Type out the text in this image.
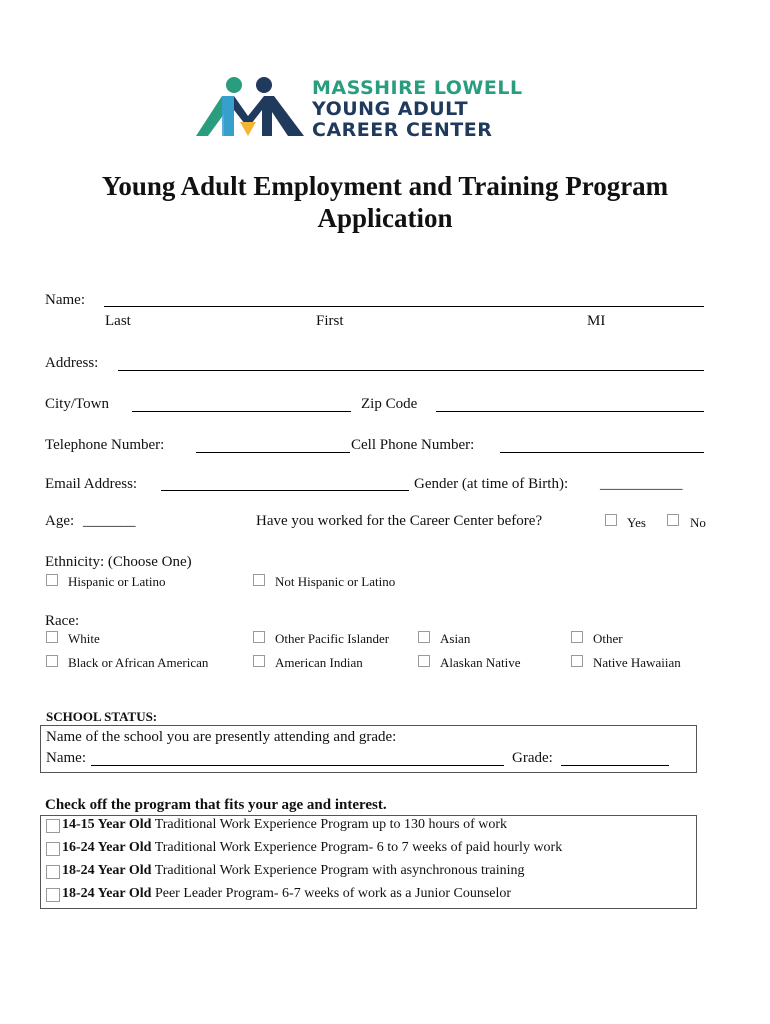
MASSHIRE LOWELL
YOUNG ADULT
CAREER CENTER
Young Adult Employment and Training Program
Application
Name:
Last	First	MI
Address:
City/Town	Zip Code
Telephone Number:	Cell Phone Number:
Email Address:	Gender (at time of Birth): ___________
Age: _______	Have you worked for the Career Center before?	Yes	No
Ethnicity: (Choose One)
Hispanic or Latino	Not Hispanic or Latino
Race:
White	Other Pacific Islander	Asian	Other
Black or African American	American Indian	Alaskan Native	Native Hawaiian
SCHOOL STATUS:
Name of the school you are presently attending and grade:
Name:	Grade:
Check off the program that fits your age and interest.
14-15 Year Old Traditional Work Experience Program up to 130 hours of work
16-24 Year Old Traditional Work Experience Program- 6 to 7 weeks of paid hourly work
18-24 Year Old Traditional Work Experience Program with asynchronous training
18-24 Year Old Peer Leader Program- 6-7 weeks of work as a Junior Counselor
